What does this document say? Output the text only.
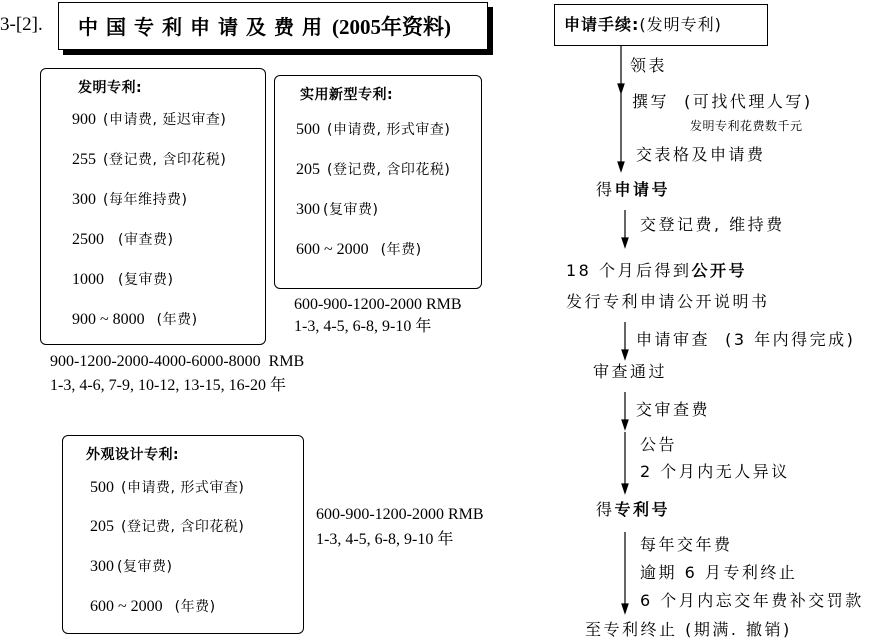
3-[2]. 中国专利申请及费用(2005年资料)
发明专利:
900 (申请费, 延迟审查)
255 (登记费, 含印花税)
300 (每年维持费)
2500 (审查费)
1000 (复审费)
900 ~ 8000 (年费)
900-1200-2000-4000-6000-8000  RMB
1-3, 4-6, 7-9, 10-12, 13-15, 16-20 年
实用新型专利:
500 (申请费, 形式审查)
205 (登记费, 含印花税)
300 (复审费)
600 ~ 2000 (年费)
600-900-1200-2000 RMB
1-3, 4-5, 6-8, 9-10 年
外观设计专利:
500 (申请费, 形式审查)
205 (登记费, 含印花税)
300 (复审费)
600 ~ 2000 (年费)
600-900-1200-2000 RMB
1-3, 4-5, 6-8, 9-10 年
申请手续:(发明专利)
领表
撰写  (可找代理人写)
发明专利花费数千元
交表格及申请费
得申请号
交登记费, 维持费
18 个月后得到公开号
发行专利申请公开说明书
申请审查  (3 年内得完成)
审查通过
交审查费
公告
2 个月内无人异议
得专利号
每年交年费
逾期 6 月专利终止
6 个月内忘交年费补交罚款
至专利终止 (期满. 撤销)
